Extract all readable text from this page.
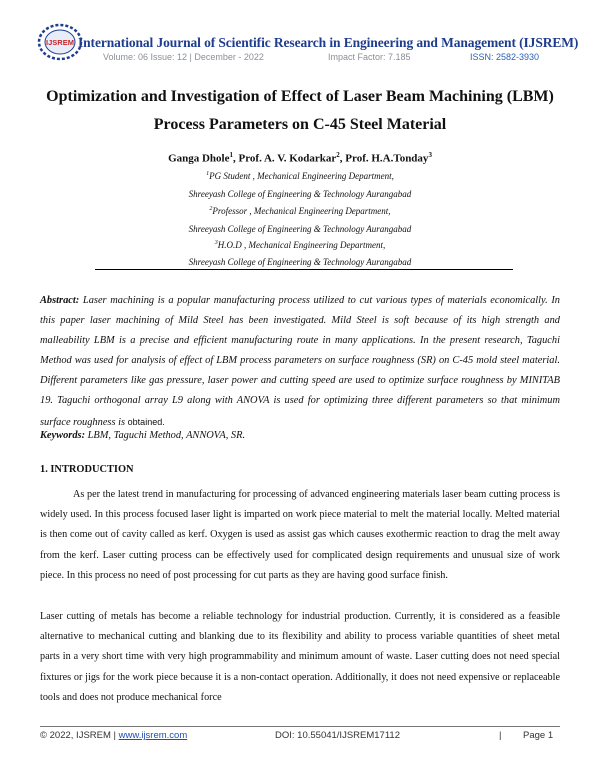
IJSREM International Journal of Scientific Research in Engineering and Management (IJSREM)
Volume: 06 Issue: 12 | December - 2022	Impact Factor: 7.185	ISSN: 2582-3930
Optimization and Investigation of Effect of Laser Beam Machining (LBM)
Process Parameters on C-45 Steel Material
Ganga Dhole$^1$, Prof. A. V. Kodarkar$^2$, Prof. H.A.Tonday$^3$
$^1$PG Student , Mechanical Engineering Department,
Shreeyash College of Engineering & Technology Aurangabad
$^2$Professor , Mechanical Engineering Department,
Shreeyash College of Engineering & Technology Aurangabad
$^3$H.O.D , Mechanical Engineering Department,
Shreeyash College of Engineering & Technology Aurangabad
Abstract: Laser machining is a popular manufacturing process utilized to cut various types of materials economically. In this paper laser machining of Mild Steel has been investigated. Mild Steel is soft because of its high strength and malleability LBM is a precise and efficient manufacturing route in many applications. In the present research, Taguchi Method was used for analysis of effect of LBM process parameters on surface roughness (SR) on C-45 mold steel material. Different parameters like gas pressure, laser power and cutting speed are used to optimize surface roughness by MINITAB 19. Taguchi orthogonal array L9 along with ANOVA is used for optimizing three different parameters so that minimum surface roughness is obtained.
Keywords: LBM, Taguchi Method, ANNOVA, SR.
1. INTRODUCTION
As per the latest trend in manufacturing for processing of advanced engineering materials laser beam cutting process is widely used. In this process focused laser light is imparted on work piece material to melt the material locally. Melted material is then come out of cavity called as kerf. Oxygen is used as assist gas which causes exothermic reaction to drag the melt away from the kerf. Laser cutting process can be effectively used for complicated design requirements and unusual size of work piece. In this process no need of post processing for cut parts as they are having good surface finish.
Laser cutting of metals has become a reliable technology for industrial production. Currently, it is considered as a feasible alternative to mechanical cutting and blanking due to its flexibility and ability to process variable quantities of sheet metal parts in a very short time with very high programmability and minimum amount of waste. Laser cutting does not need special fixtures or jigs for the work piece because it is a non-contact operation. Additionally, it does not need expensive or replaceable tools and does not produce mechanical force
© 2022, IJSREM | www.ijsrem.com	DOI: 10.55041/IJSREM17112	| Page 1
